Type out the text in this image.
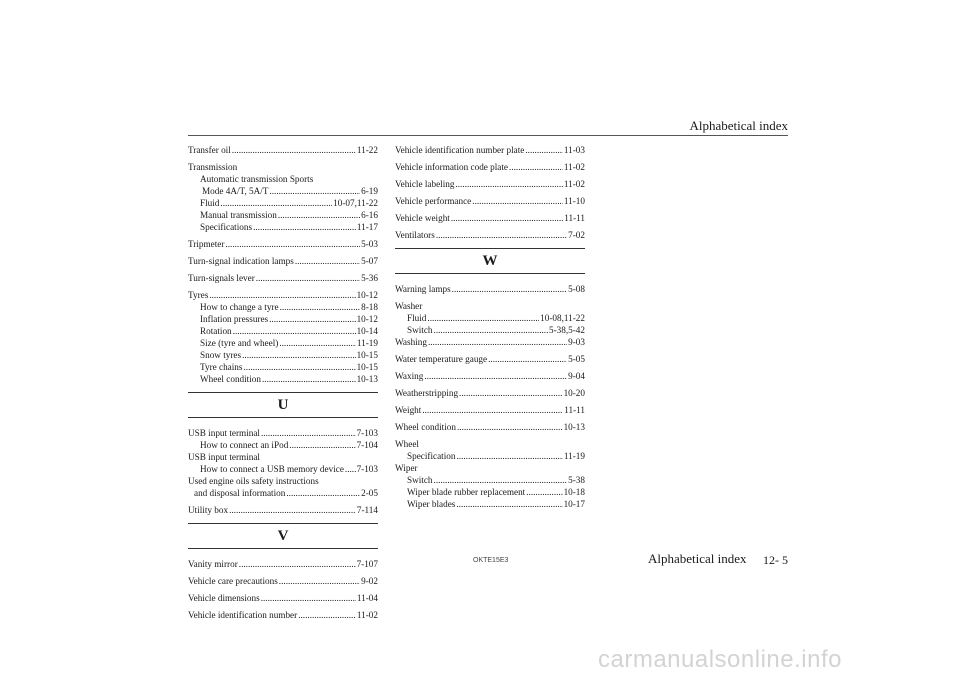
Alphabetical index
Transfer oil .....	11-22
Transmission
Automatic transmission Sports
Mode 4A/T, 5A/T .....	6-19
Fluid .....	10-07,11-22
Manual transmission .....	6-16
Specifications .....	11-17
Tripmeter .....	5-03
Turn-signal indication lamps .....	5-07
Turn-signals lever .....	5-36
Tyres .....	10-12
How to change a tyre .....	8-18
Inflation pressures .....	10-12
Rotation .....	10-14
Size (tyre and wheel) .....	11-19
Snow tyres .....	10-15
Tyre chains .....	10-15
Wheel condition .....	10-13
U
USB input terminal .....	7-103
How to connect an iPod .....	7-104
USB input terminal
How to connect a USB memory device ..... 7-103
Used engine oils safety instructions
and disposal information .....	2-05
Utility box .....	7-114
V
Vanity mirror .....	7-107
Vehicle care precautions .....	9-02
Vehicle dimensions .....	11-04
Vehicle identification number .....	11-02
Vehicle identification number plate .....	11-03
Vehicle information code plate .....	11-02
Vehicle labeling .....	11-02
Vehicle performance .....	11-10
Vehicle weight .....	11-11
Ventilators .....	7-02
W
Warning lamps .....	5-08
Washer
Fluid .....	10-08,11-22
Switch .....	5-38,5-42
Washing .....	9-03
Water temperature gauge .....	5-05
Waxing .....	9-04
Weatherstripping .....	10-20
Weight .....	11-11
Wheel condition .....	10-13
Wheel
Specification .....	11-19
Wiper
Switch .....	5-38
Wiper blade rubber replacement .....	10-18
Wiper blades .....	10-17
OKTE15E3	Alphabetical index 12- 5
carmanualsonline.info
